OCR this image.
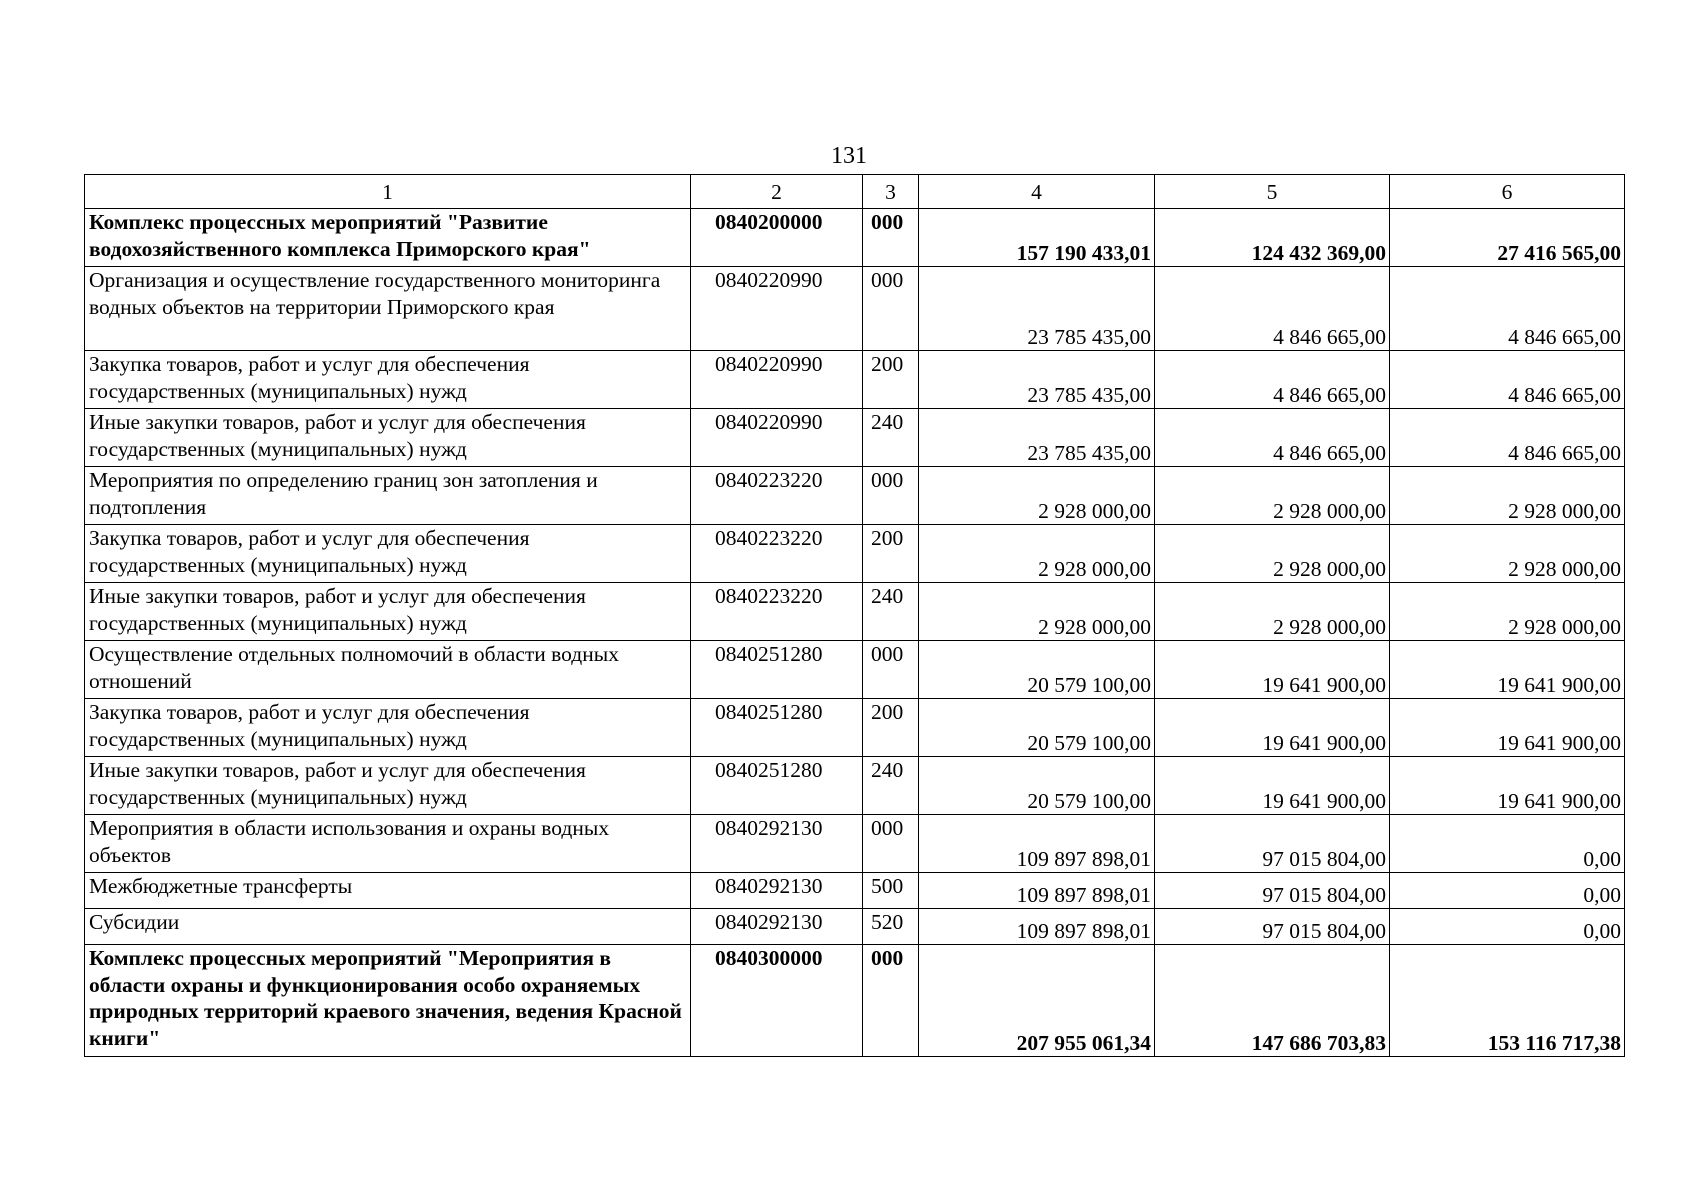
131
1	2	3	4	5	6
Комплекс процессных мероприятий "Развитие водохозяйственного комплекса Приморского края"	0840200000	000	157 190 433,01	124 432 369,00	27 416 565,00
Организация и осуществление государственного мониторинга водных объектов на территории Приморского края	0840220990	000	23 785 435,00	4 846 665,00	4 846 665,00
Закупка товаров, работ и услуг для обеспечения государственных (муниципальных) нужд	0840220990	200	23 785 435,00	4 846 665,00	4 846 665,00
Иные закупки товаров, работ и услуг для обеспечения государственных (муниципальных) нужд	0840220990	240	23 785 435,00	4 846 665,00	4 846 665,00
Мероприятия по определению границ зон затопления и подтопления	0840223220	000	2 928 000,00	2 928 000,00	2 928 000,00
Закупка товаров, работ и услуг для обеспечения государственных (муниципальных) нужд	0840223220	200	2 928 000,00	2 928 000,00	2 928 000,00
Иные закупки товаров, работ и услуг для обеспечения государственных (муниципальных) нужд	0840223220	240	2 928 000,00	2 928 000,00	2 928 000,00
Осуществление отдельных полномочий в области водных отношений	0840251280	000	20 579 100,00	19 641 900,00	19 641 900,00
Закупка товаров, работ и услуг для обеспечения государственных (муниципальных) нужд	0840251280	200	20 579 100,00	19 641 900,00	19 641 900,00
Иные закупки товаров, работ и услуг для обеспечения государственных (муниципальных) нужд	0840251280	240	20 579 100,00	19 641 900,00	19 641 900,00
Мероприятия в области использования и охраны водных объектов	0840292130	000	109 897 898,01	97 015 804,00	0,00
Межбюджетные трансферты	0840292130	500	109 897 898,01	97 015 804,00	0,00
Субсидии	0840292130	520	109 897 898,01	97 015 804,00	0,00
Комплекс процессных мероприятий "Мероприятия в области охраны и функционирования особо охраняемых природных территорий краевого значения, ведения Красной книги"	0840300000	000	207 955 061,34	147 686 703,83	153 116 717,38
